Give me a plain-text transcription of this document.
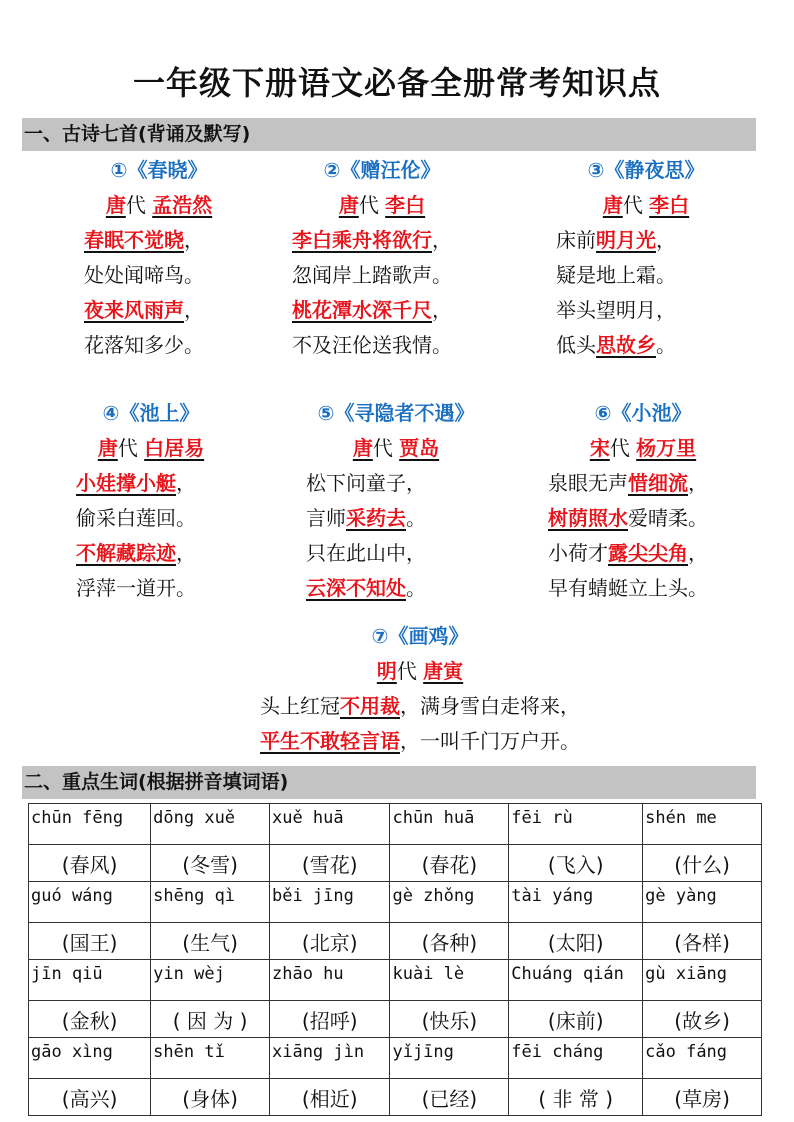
一年级下册语文必备全册常考知识点
一、古诗七首(背诵及默写)
①《春晓》
唐代 孟浩然
春眠不觉晓，
处处闻啼鸟。
夜来风雨声，
花落知多少。
②《赠汪伦》
唐代 李白
李白乘舟将欲行，
忽闻岸上踏歌声。
桃花潭水深千尺，
不及汪伦送我情。
③《静夜思》
唐代 李白
床前明月光，
疑是地上霜。
举头望明月，
低头思故乡。
④《池上》
唐代 白居易
小娃撑小艇，
偷采白莲回。
不解藏踪迹，
浮萍一道开。
⑤《寻隐者不遇》
唐代 贾岛
松下问童子，
言师采药去。
只在此山中，
云深不知处。
⑥《小池》
宋代 杨万里
泉眼无声惜细流，
树荫照水爱晴柔。
小荷才露尖尖角，
早有蜻蜓立上头。
⑦《画鸡》
明代 唐寅
头上红冠不用裁，满身雪白走将来，
平生不敢轻言语，一叫千门万户开。
二、重点生词(根据拼音填词语)
chūn fēng	dōng xuě	xuě huā	chūn huā	fēi rù	shén me
(春风)	(冬雪)	(雪花)	(春花)	(飞入)	(什么)
guó wáng	shēng qì	běi jīng	gè zhǒng	tài yáng	gè yàng
(国王)	(生气)	(北京)	(各种)	(太阳)	(各样)
jīn qiū	yin wèj	zhāo hu	kuài lè	Chuáng qián	gù xiāng
(金秋)	( 因 为 )	(招呼)	(快乐)	(床前)	(故乡)
gāo xìng	shēn tǐ	xiāng jìn	yǐjīng	fēi cháng	cǎo fáng
(高兴)	(身体)	(相近)	(已经)	( 非 常 )	(草房)
